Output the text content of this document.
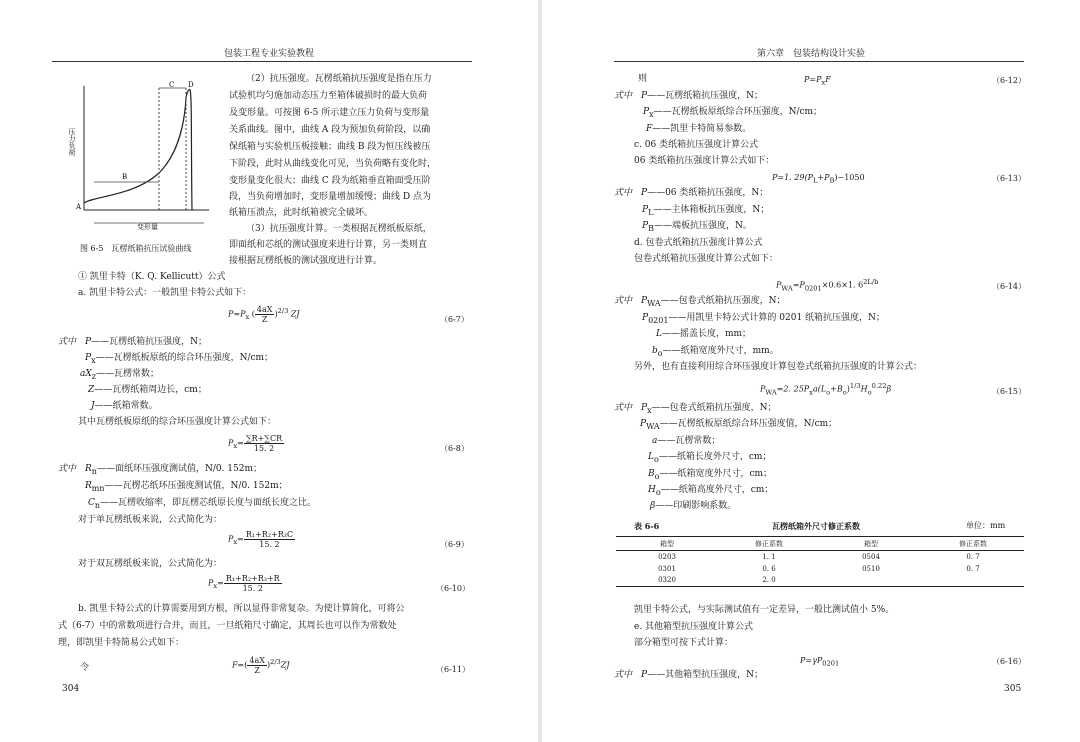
包装工程专业实验教程
A
B
C D
压力负荷
变形量
图 6-5　瓦楞纸箱抗压试验曲线
（2）抗压强度。瓦楞纸箱抗压强度是指在压力
试验机均匀施加动态压力至箱体破损时的最大负荷
及变形量。可按图 6-5 所示建立压力负荷与变形量
关系曲线。图中，曲线 A 段为预加负荷阶段，以确
保纸箱与实验机压板接触；曲线 B 段为恒压线被压
下阶段，此时从曲线变化可见，当负荷略有变化时，
变形量变化很大；曲线 C 段为纸箱垂直箱面受压阶
段，当负荷增加时，变形量增加缓慢；曲线 D 点为
纸箱压溃点，此时纸箱被完全破坏。
（3）抗压强度计算。一类根据瓦楞纸板原纸，
即面纸和芯纸的测试强度来进行计算，另一类则直
接根据瓦楞纸板的测试强度进行计算。
① 凯里卡特（K. Q. Kellicutt）公式
a. 凯里卡特公式：一般凯里卡特公式如下：
$P=P_x$ ( $\frac{4aX}{Z} )^{2/3}$ ZJ
（6-7）
式中　P——瓦楞纸箱抗压强度，N；
$P_x——$瓦楞纸板原纸的综合环压强度，N/cm；
$aX_z——$瓦楞常数；
Z——瓦楞纸箱周边长，cm；
J——纸箱常数。
其中瓦楞纸板原纸的综合环压强度计算公式如下：
$P_x= \frac{\sum R+\sum CR}{15. 2}$	（6-8）
式中　$R_n——$面纸环压强度测试值，N/0. 152m；
$R_{mn}——$瓦楞芯纸环压强度测试值，N/0. 152m；
$C_n——$瓦楞收缩率，即瓦楞芯纸原长度与面纸长度之比。
对于单瓦楞纸板来说，公式简化为：
$P_x= \frac{\text{R₁+R₂+R₃C}}{15. 2}$	（6-9）
对于双瓦楞纸板来说，公式简化为：
$P_x= \frac{\text{R₁+R₂+R₃+R}}{15. 2}$	（6-10）
b. 凯里卡特公式的计算需要用到方根，所以显得非常复杂。为使计算简化，可将公
式（6-7）中的常数项进行合并，而且，一旦纸箱尺寸确定，其周长也可以作为常数处
理，即凯里卡特简易公式如下：
令	$F=( \frac{4aX}{Z} )^{2/3}ZJ$	（6-11）
304
第六章　包装结构设计实验
则	$P=P_xF$	（6-12）
式中　P——瓦楞纸箱抗压强度，N；
$P_x——$瓦楞纸板原纸综合环压强度，N/cm；
F——凯里卡特简易参数。
c. 06 类纸箱抗压强度计算公式
06 类纸箱抗压强度计算公式如下：
P=1. $29(P_L+P_B)-1050$	（6-13）
式中　P——06 类纸箱抗压强度，N；
$P_L——$主体箱板抗压强度，N；
$P_B——$端板抗压强度，N。
d. 包卷式纸箱抗压强度计算公式
包卷式纸箱抗压强度计算公式如下：
$P_{WA}=P_{0201}\times 0.6\times 1$. $6^{2L/b}$	（6-14）
式中　$P_{WA}——$包卷式纸箱抗压强度，N；
$P_{0201}——$用凯里卡特公式计算的 0201 纸箱抗压强度，N；
L——摇盖长度，mm；
$b_o——$纸箱宽度外尺寸，mm。
另外，也有直接利用综合环压强度计算包卷式纸箱抗压强度的计算公式：
$P_{WA}=2$. $25P_xa(L_o+B_o)^{1/3}H_o^{0.22}\beta$	（6-15）
式中　$P_x——$包卷式纸箱抗压强度，N；
$P_{WA}——$瓦楞纸板原纸综合环压强度值，N/cm；
a——瓦楞常数；
$L_o——$纸箱长度外尺寸，cm；
$B_o——$纸箱宽度外尺寸，cm；
$H_o——$纸箱高度外尺寸，cm；
β——印刷影响系数。
表 6-6	瓦楞纸箱外尺寸修正系数	单位：mm
箱型	修正系数	箱型	修正系数
0203	1. 1	0504	0. 7
0301	0. 6	0510	0. 7
0320	2. 0		
凯里卡特公式，与实际测试值有一定差异，一般比测试值小 5%。
e. 其他箱型抗压强度计算公式
部分箱型可按下式计算：
$P=\gamma P_{0201}$	（6-16）
式中　P——其他箱型抗压强度，N；
305
